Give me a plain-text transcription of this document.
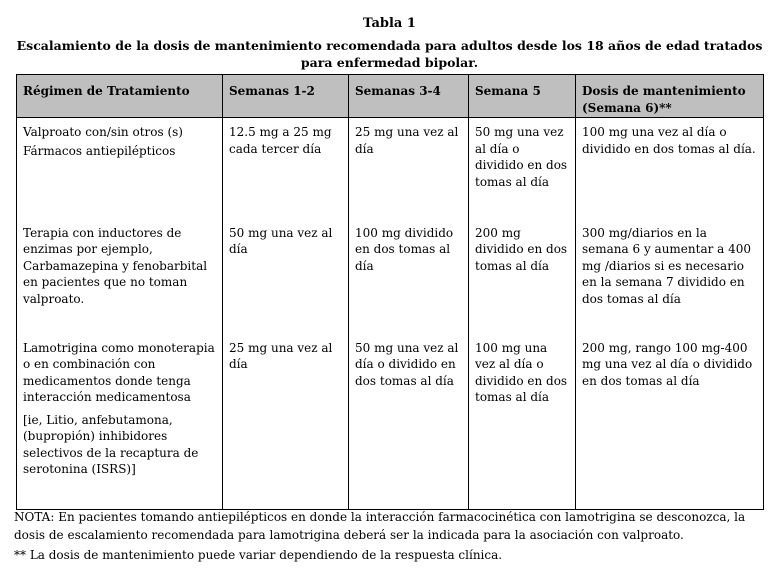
Tabla 1
Escalamiento de la dosis de mantenimiento recomendada para adultos desde los 18 años de edad tratados para enfermedad bipolar.
Régimen de Tratamiento	Semanas 1-2	Semanas 3-4	Semana 5	Dosis de mantenimiento (Semana 6)**

Valproato con/sin otros (s)
Fármacos antiepilépticos	12.5 mg a 25 mg cada tercer día	25 mg una vez al día	50 mg una vez al día o dividido en dos tomas al día	100 mg una vez al día o dividido en dos tomas al día.

Terapia con inductores de enzimas por ejemplo, Carbamazepina y fenobarbital en pacientes que no toman valproato.	50 mg una vez al día	100 mg dividido en dos tomas al día	200 mg dividido en dos tomas al día	300 mg/diarios en la semana 6 y aumentar a 400 mg /diarios si es necesario en la semana 7 dividido en dos tomas al día

Lamotrigina como monoterapia o en combinación con medicamentos donde tenga interacción medicamentosa
[ie, Litio, anfebutamona, (bupropión) inhibidores selectivos de la recaptura de serotonina (ISRS)]	25 mg una vez al día	50 mg una vez al día o dividido en dos tomas al día	100 mg una vez al día o dividido en dos tomas al día	200 mg, rango 100 mg-400 mg una vez al día o dividido en dos tomas al día
NOTA: En pacientes tomando antiepilépticos en donde la interacción farmacocinética con lamotrigina se desconozca, la dosis de escalamiento recomendada para lamotrigina deberá ser la indicada para la asociación con valproato.
** La dosis de mantenimiento puede variar dependiendo de la respuesta clínica.
